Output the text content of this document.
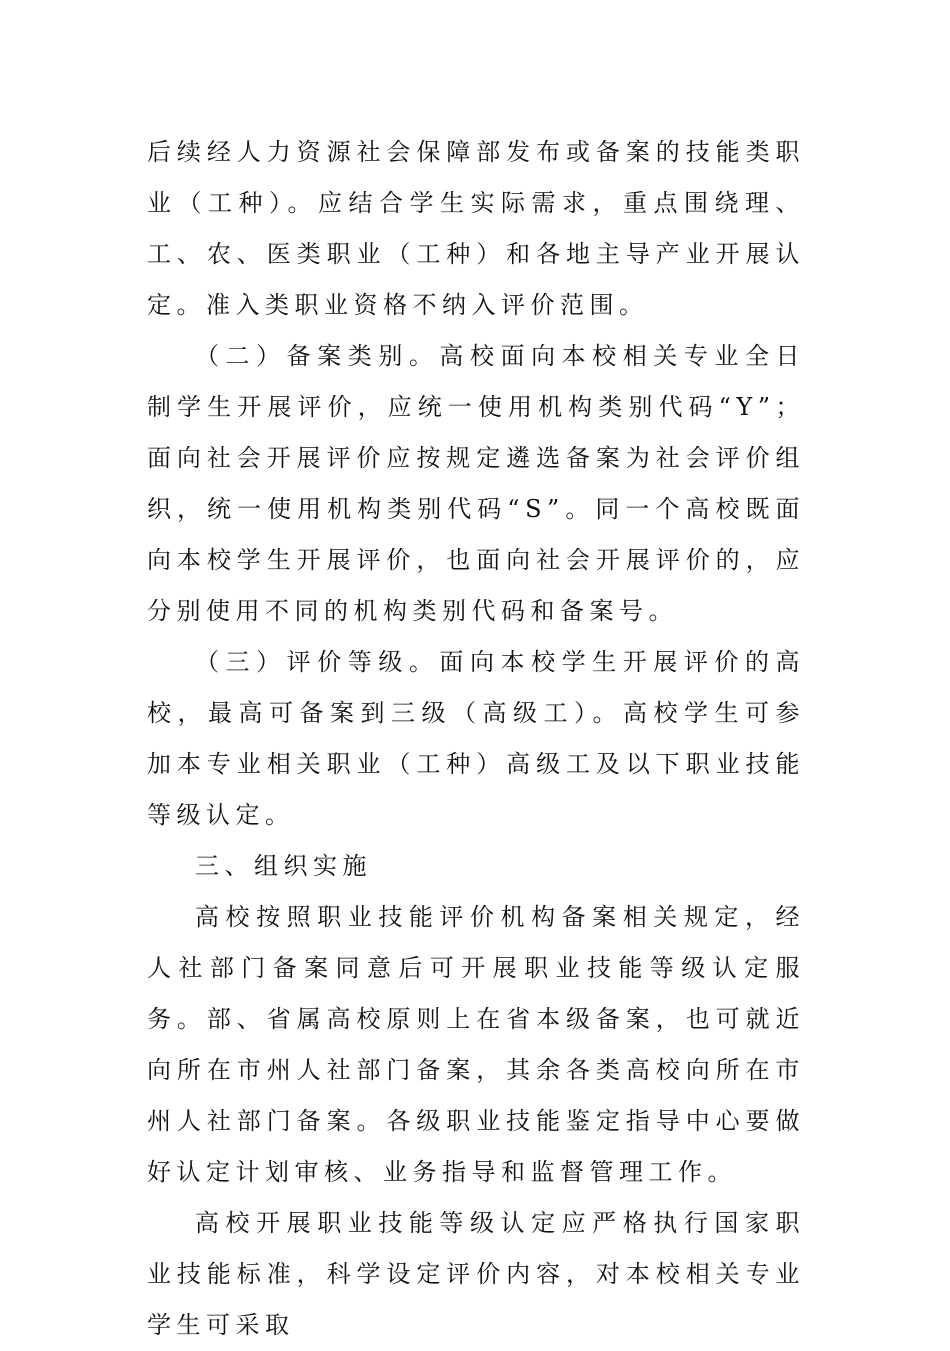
后续经人力资源社会保障部发布或备案的技能类职业（工种）。应结合学生实际需求，重点围绕理、工、农、医类职业（工种）和各地主导产业开展认定。准入类职业资格不纳入评价范围。

（二）备案类别。高校面向本校相关专业全日制学生开展评价，应统一使用机构类别代码“Y”；面向社会开展评价应按规定遴选备案为社会评价组织，统一使用机构类别代码“S”。同一个高校既面向本校学生开展评价，也面向社会开展评价的，应分别使用不同的机构类别代码和备案号。

（三）评价等级。面向本校学生开展评价的高校，最高可备案到三级（高级工）。高校学生可参加本专业相关职业（工种）高级工及以下职业技能等级认定。

三、组织实施

高校按照职业技能评价机构备案相关规定，经人社部门备案同意后可开展职业技能等级认定服务。部、省属高校原则上在省本级备案，也可就近向所在市州人社部门备案，其余各类高校向所在市州人社部门备案。各级职业技能鉴定指导中心要做好认定计划审核、业务指导和监督管理工作。

高校开展职业技能等级认定应严格执行国家职业技能标准，科学设定评价内容，对本校相关专业学生可采取
